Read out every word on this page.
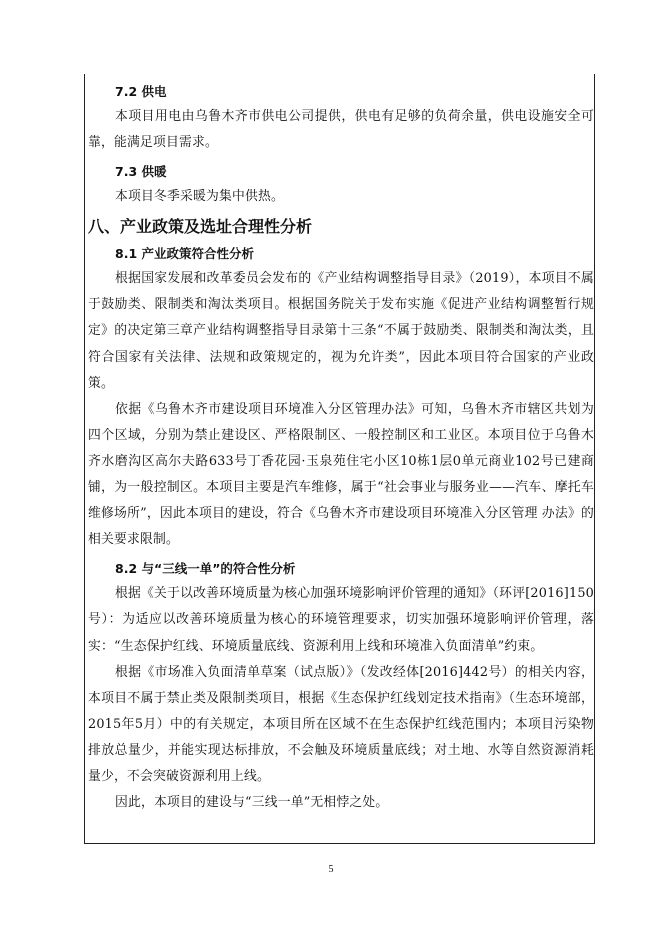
7.2 供电

本项目用电由乌鲁木齐市供电公司提供，供电有足够的负荷余量，供电设施安全可靠，能满足项目需求。

7.3 供暖

本项目冬季采暖为集中供热。

八、产业政策及选址合理性分析
8.1 产业政策符合性分析

根据国家发展和改革委员会发布的《产业结构调整指导目录》（2019），本项目不属于鼓励类、限制类和淘汰类项目。根据国务院关于发布实施《促进产业结构调整暂行规定》的决定第三章产业结构调整指导目录第十三条“不属于鼓励类、限制类和淘汰类，且符合国家有关法律、法规和政策规定的，视为允许类”，因此本项目符合国家的产业政策。

依据《乌鲁木齐市建设项目环境准入分区管理办法》可知，乌鲁木齐市辖区共划为四个区域，分别为禁止建设区、严格限制区、一般控制区和工业区。本项目位于乌鲁木齐水磨沟区高尔夫路633号丁香花园·玉泉苑住宅小区10栋1层0单元商业102号已建商铺，为一般控制区。本项目主要是汽车维修，属于“社会事业与服务业——汽车、摩托车维修场所”，因此本项目的建设，符合《乌鲁木齐市建设项目环境准入分区管理 办法》的相关要求限制。

8.2 与“三线一单”的符合性分析

根据《关于以改善环境质量为核心加强环境影响评价管理的通知》（环评[2016]150号）：为适应以改善环境质量为核心的环境管理要求，切实加强环境影响评价管理，落实：“生态保护红线、环境质量底线、资源利用上线和环境准入负面清单”约束。

根据《市场准入负面清单草案（试点版）》（发改经体[2016]442号）的相关内容，本项目不属于禁止类及限制类项目，根据《生态保护红线划定技术指南》（生态环境部，2015年5月）中的有关规定，本项目所在区域不在生态保护红线范围内；本项目污染物排放总量少，并能实现达标排放，不会触及环境质量底线；对土地、水等自然资源消耗量少，不会突破资源利用上线。

因此，本项目的建设与“三线一单”无相悖之处。

5
